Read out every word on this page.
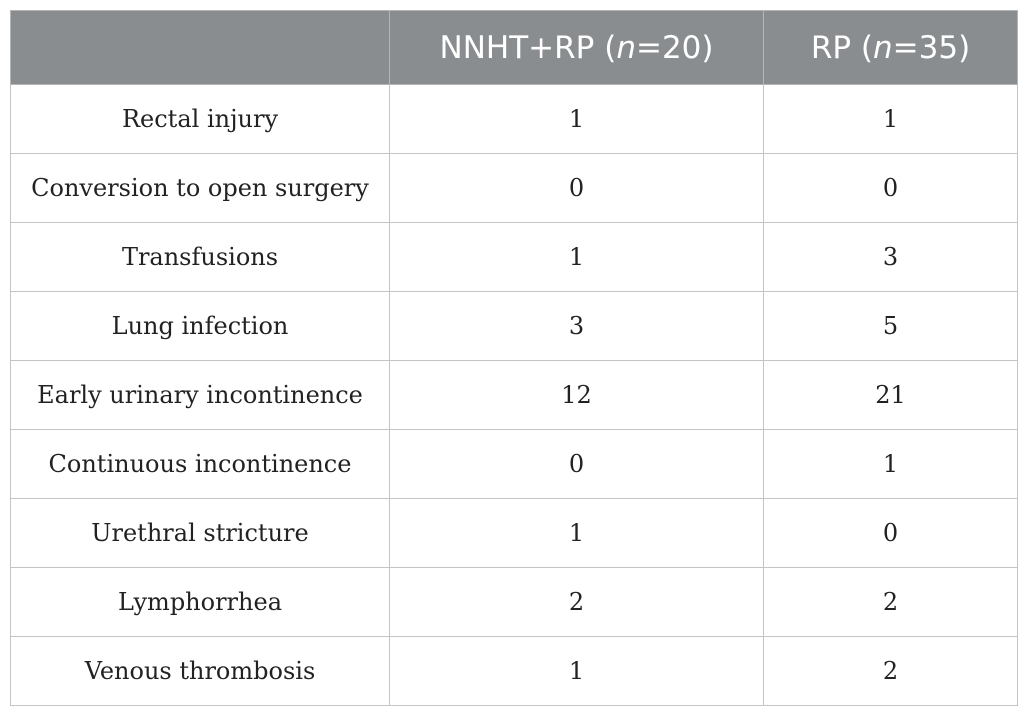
	NNHT+RP (n=20)	RP (n=35)
Rectal injury	1	1
Conversion to open surgery	0	0
Transfusions	1	3
Lung infection	3	5
Early urinary incontinence	12	21
Continuous incontinence	0	1
Urethral stricture	1	0
Lymphorrhea	2	2
Venous thrombosis	1	2
